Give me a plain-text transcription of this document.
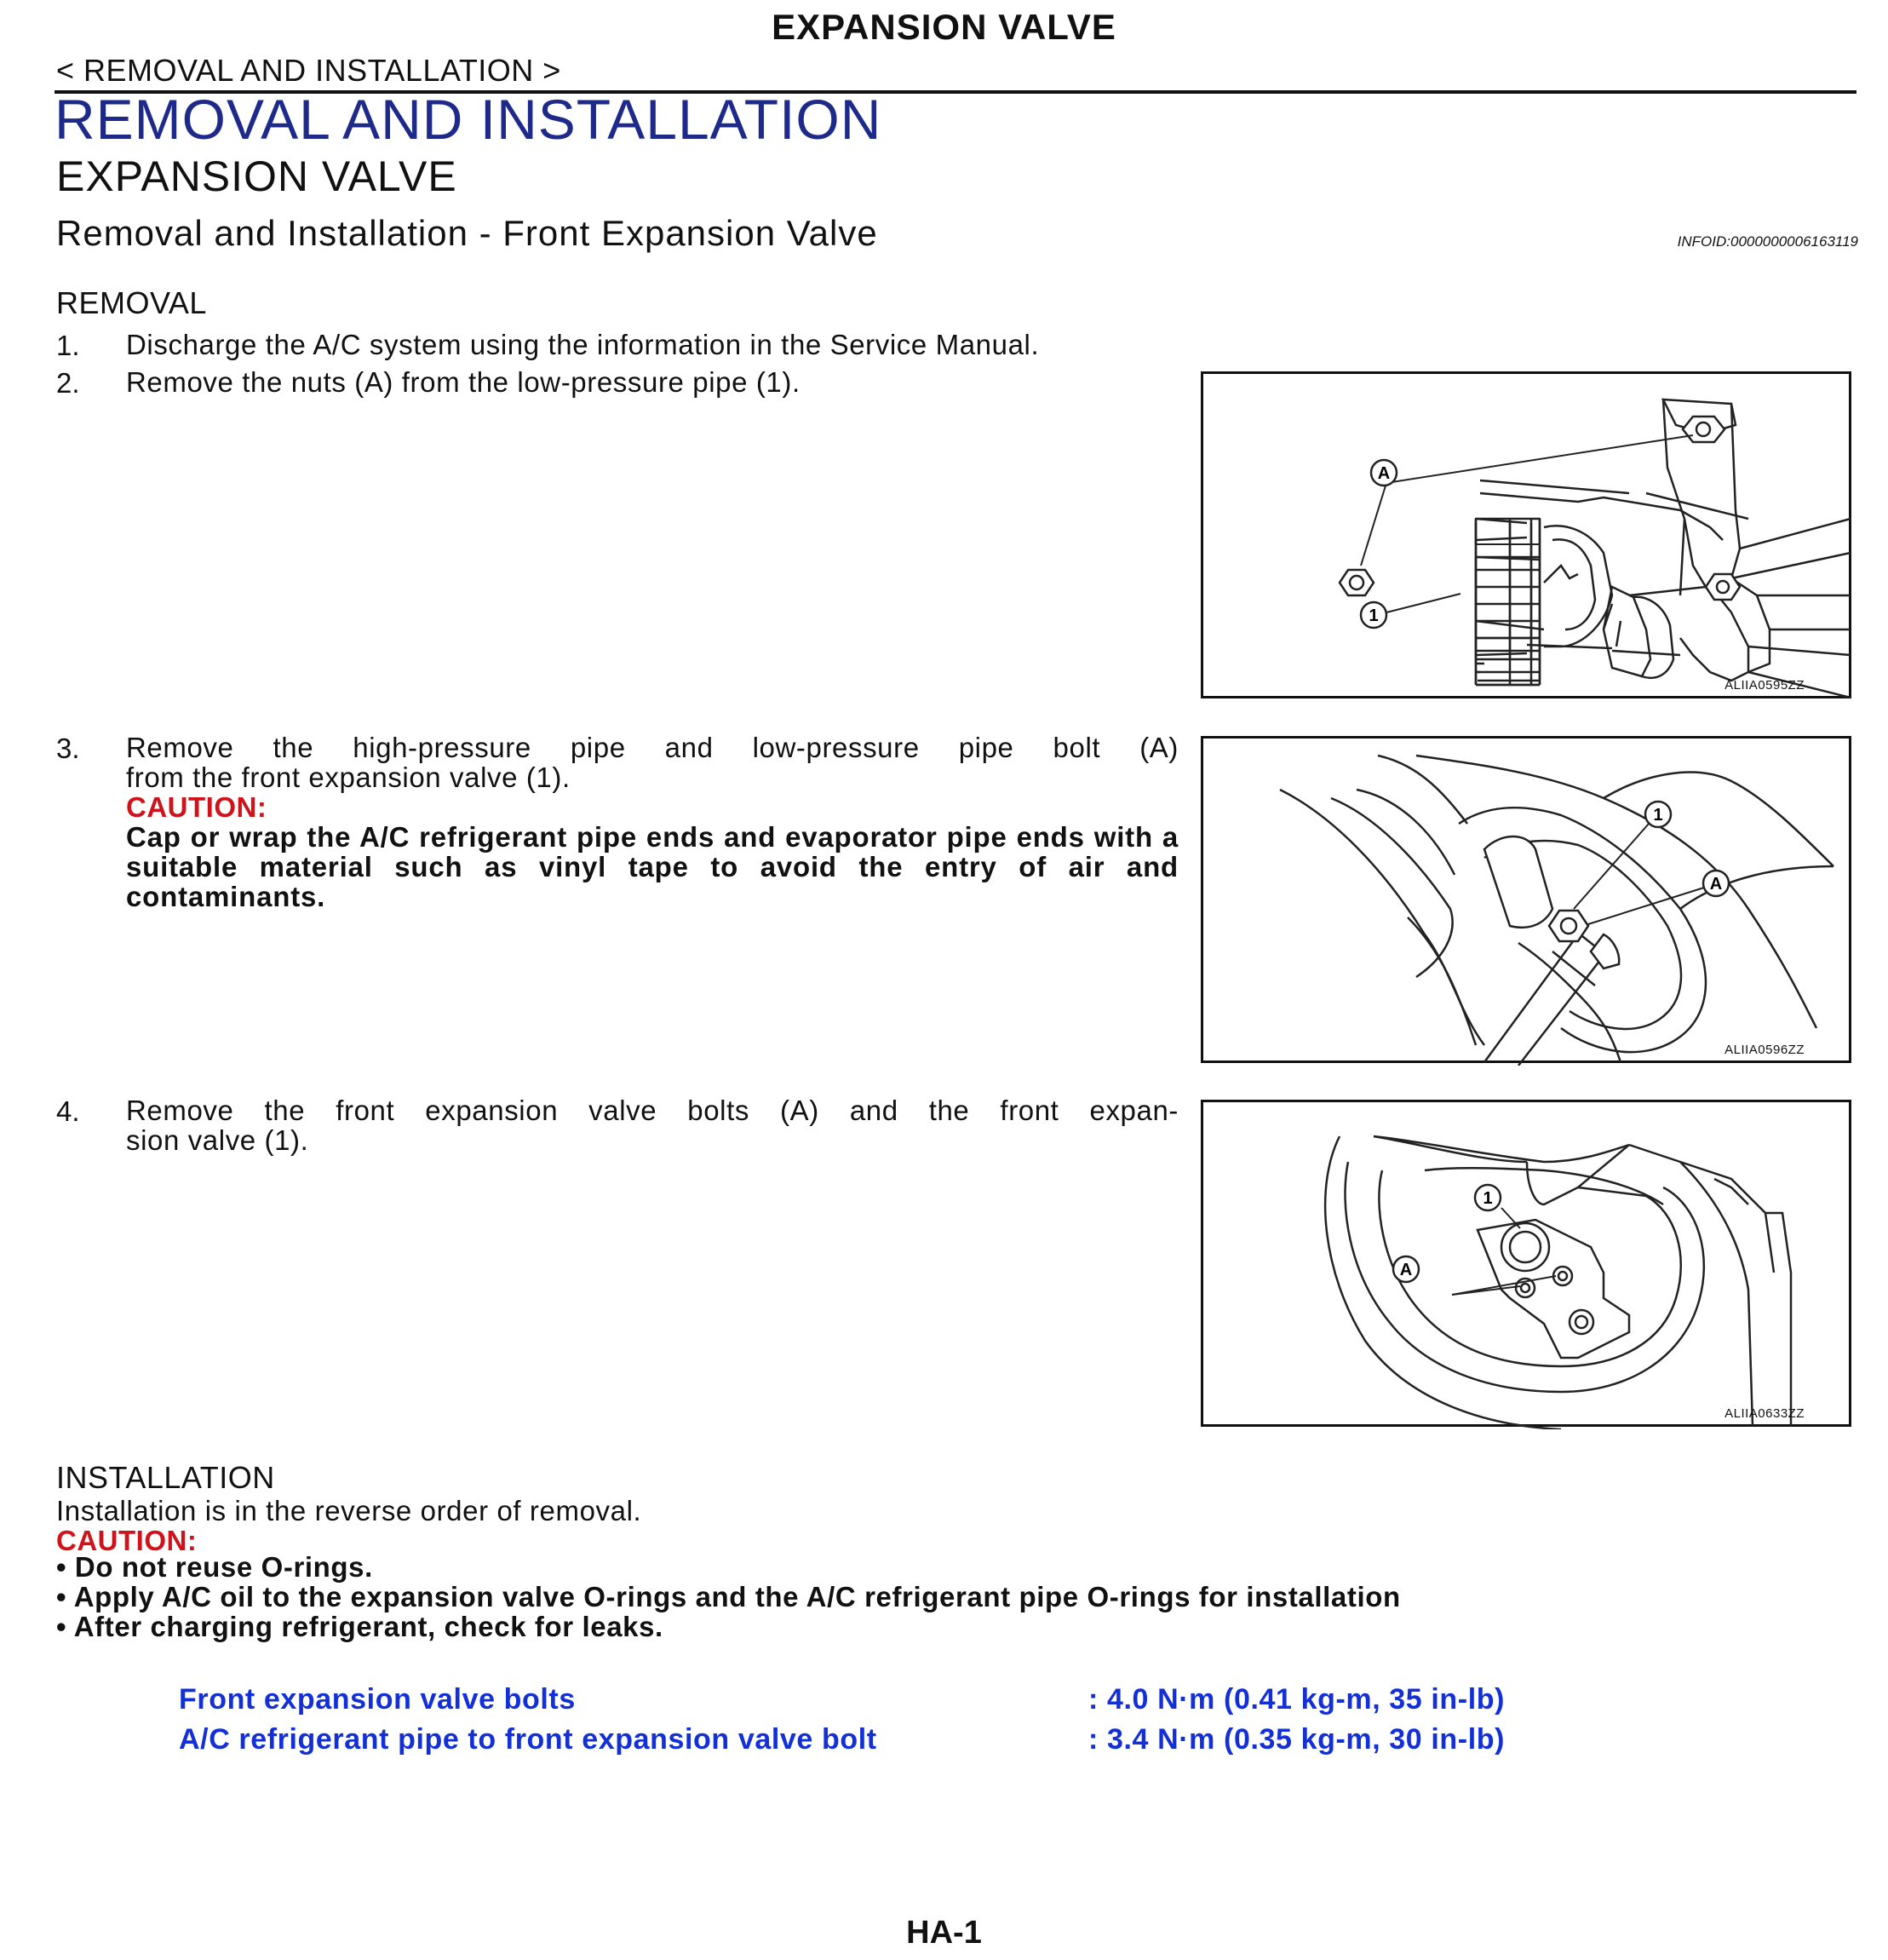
EXPANSION VALVE
< REMOVAL AND INSTALLATION >
REMOVAL AND INSTALLATION
EXPANSION VALVE
Removal and Installation - Front Expansion Valve	INFOID:0000000006163119
REMOVAL
1. Discharge the A/C system using the information in the Service Manual.
2. Remove the nuts (A) from the low-pressure pipe (1).
3. Remove the high-pressure pipe and low-pressure pipe bolt (A)
from the front expansion valve (1).
CAUTION:
Cap or wrap the A/C refrigerant pipe ends and evaporator pipe ends with a suitable material such as vinyl tape to avoid the entry of air and contaminants.
4. Remove the front expansion valve bolts (A) and the front expan-
sion valve (1).
A
1
ALIIA0595ZZ
1
A
ALIIA0596ZZ
1
A
ALIIA0633ZZ
INSTALLATION
Installation is in the reverse order of removal.
CAUTION:
• Do not reuse O-rings.
• Apply A/C oil to the expansion valve O-rings and the A/C refrigerant pipe O-rings for installation
• After charging refrigerant, check for leaks.
Front expansion valve bolts	: 4.0 N·m (0.41 kg-m, 35 in-lb)
A/C refrigerant pipe to front expansion valve bolt	: 3.4 N·m (0.35 kg-m, 30 in-lb)
HA-1
